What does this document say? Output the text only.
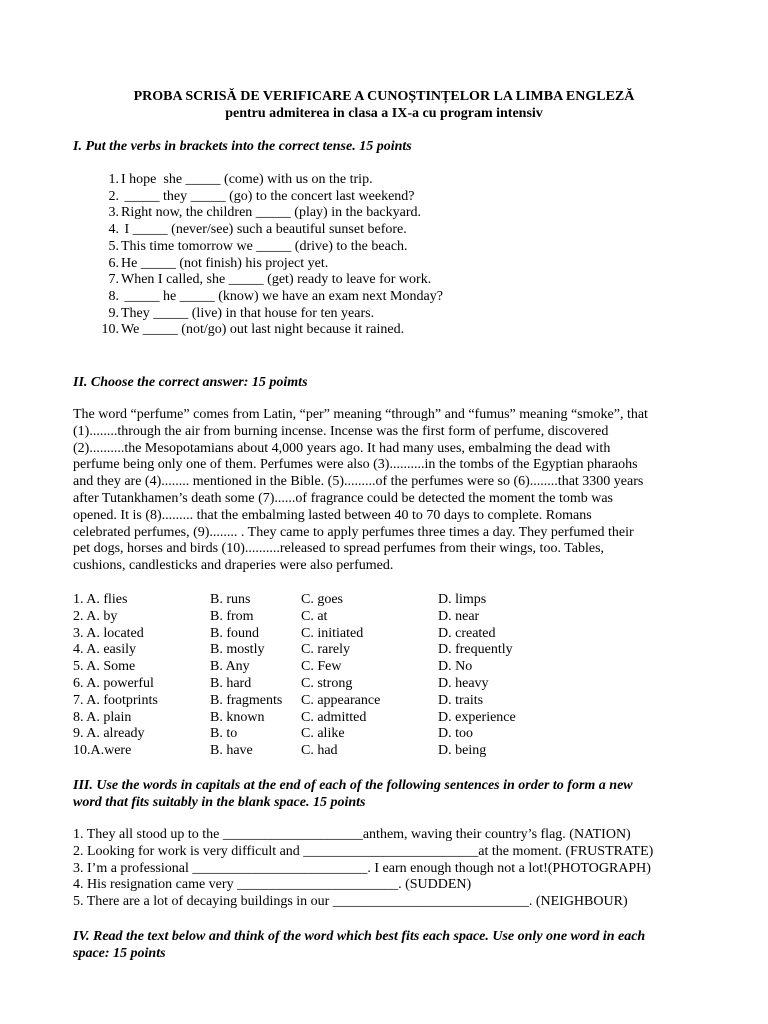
PROBA SCRISĂ DE VERIFICARE A CUNOȘTINȚELOR LA LIMBA ENGLEZĂ
pentru admiterea in clasa a IX-a cu program intensiv
I. Put the verbs in brackets into the correct tense. 15 points
1. I hope  she _____ (come) with us on the trip.
2. _____ they _____ (go) to the concert last weekend?
3. Right now, the children _____ (play) in the backyard.
4. I _____ (never/see) such a beautiful sunset before.
5. This time tomorrow we _____ (drive) to the beach.
6. He _____ (not finish) his project yet.
7. When I called, she _____ (get) ready to leave for work.
8. _____ he _____ (know) we have an exam next Monday?
9. They _____ (live) in that house for ten years.
10. We _____ (not/go) out last night because it rained.
II. Choose the correct answer: 15 poimts
The word “perfume” comes from Latin, “per” meaning “through” and “fumus” meaning “smoke”, that
(1)........through the air from burning incense. Incense was the first form of perfume, discovered
(2)..........the Mesopotamians about 4,000 years ago. It had many uses, embalming the dead with
perfume being only one of them. Perfumes were also (3)..........in the tombs of the Egyptian pharaohs
and they are (4)........ mentioned in the Bible. (5).........of the perfumes were so (6)........that 3300 years
after Tutankhamen’s death some (7)......of fragrance could be detected the moment the tomb was
opened. It is (8)......... that the embalming lasted between 40 to 70 days to complete. Romans
celebrated perfumes, (9)........ . They came to apply perfumes three times a day. They perfumed their
pet dogs, horses and birds (10)..........released to spread perfumes from their wings, too. Tables,
cushions, candlesticks and draperies were also perfumed.
1. A. flies	B. runs	C. goes	D. limps
2. A. by	B. from	C. at	D. near
3. A. located	B. found	C. initiated	D. created
4. A. easily	B. mostly	C. rarely	D. frequently
5. A. Some	B. Any	C. Few	D. No
6. A. powerful	B. hard	C. strong	D. heavy
7. A. footprints	B. fragments	C. appearance	D. traits
8. A. plain	B. known	C. admitted	D. experience
9. A. already	B. to	C. alike	D. too
10.A.were	B. have	C. had	D. being
III. Use the words in capitals at the end of each of the following sentences in order to form a new
word that fits suitably in the blank space. 15 points
1. They all stood up to the ____________________anthem, waving their country’s flag. (NATION)
2. Looking for work is very difficult and _________________________at the moment. (FRUSTRATE)
3. I’m a professional _________________________. I earn enough though not a lot!(PHOTOGRAPH)
4. His resignation came very _______________________. (SUDDEN)
5. There are a lot of decaying buildings in our ____________________________. (NEIGHBOUR)
IV. Read the text below and think of the word which best fits each space. Use only one word in each
space: 15 points
